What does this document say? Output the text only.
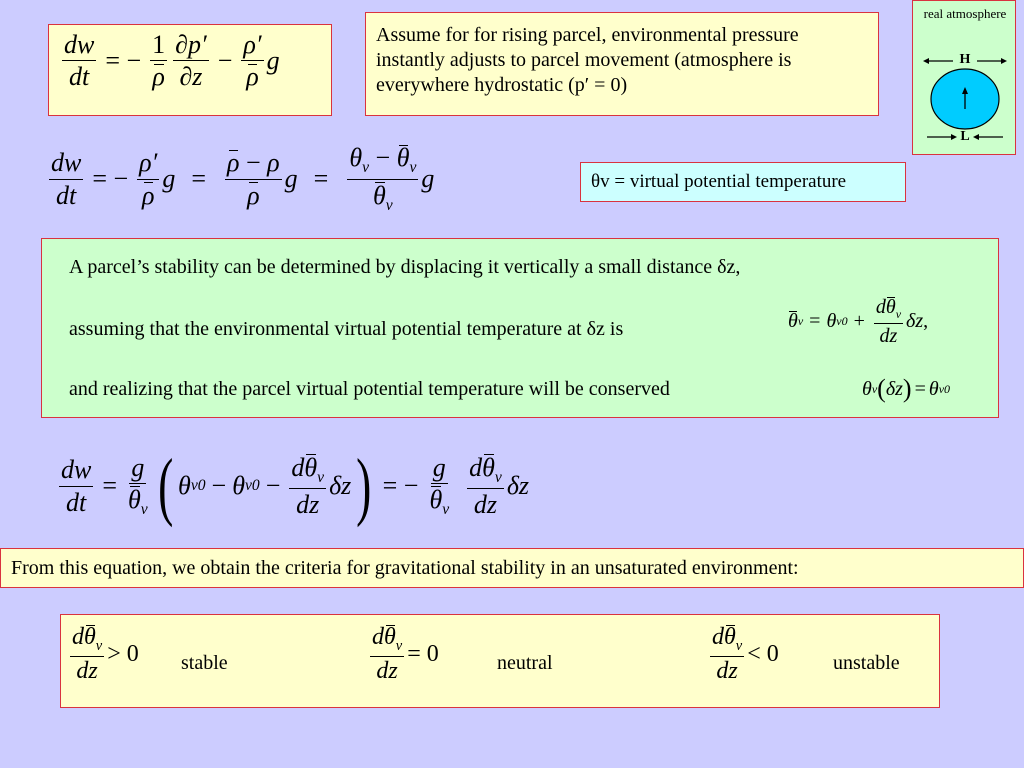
$\frac{dw}{dt}$ = − $\frac{1}{\rho} \frac{\partial p'}{\partial z} - \frac{\rho'}{\rho}$ g
Assume for for rising parcel, environmental pressure instantly adjusts to parcel movement (atmosphere is everywhere hydrostatic (p′ = 0)
real atmosphere
H
L
$\frac{dw}{dt}$ = − $\frac{\rho'}{\rho}$ $g = \frac{\rho - \rho}{\rho}$ $g = \frac{\theta_v - \theta_v}{\theta_v}$ g	θv = virtual potential temperature
A parcel’s stability can be determined by displacing it vertically a small distance δz,
assuming that the environmental virtual potential temperature at δz is	θ v = θ $v0 + \frac{d\theta_v}{dz}$ δz ,
and realizing that the parcel virtual potential temperature will be conserved	θ v ( δz ) = θ v0
$\frac{dw}{dt} = \frac{g}{\theta_v}$ ( θ v0 − θ $v0 - \frac{d\theta_v}{dz}$ δz ) = − $\frac{g}{\theta_v} \frac{d\theta_v}{dz}$ δz
From this equation, we obtain the criteria for gravitational stability in an unsaturated environment:
$\frac{d\theta_v}{dz} > 0$ stable	$\frac{d\theta_v}{dz} = 0$	neutral	$\frac{d\theta_v}{dz} < 0$	unstable
